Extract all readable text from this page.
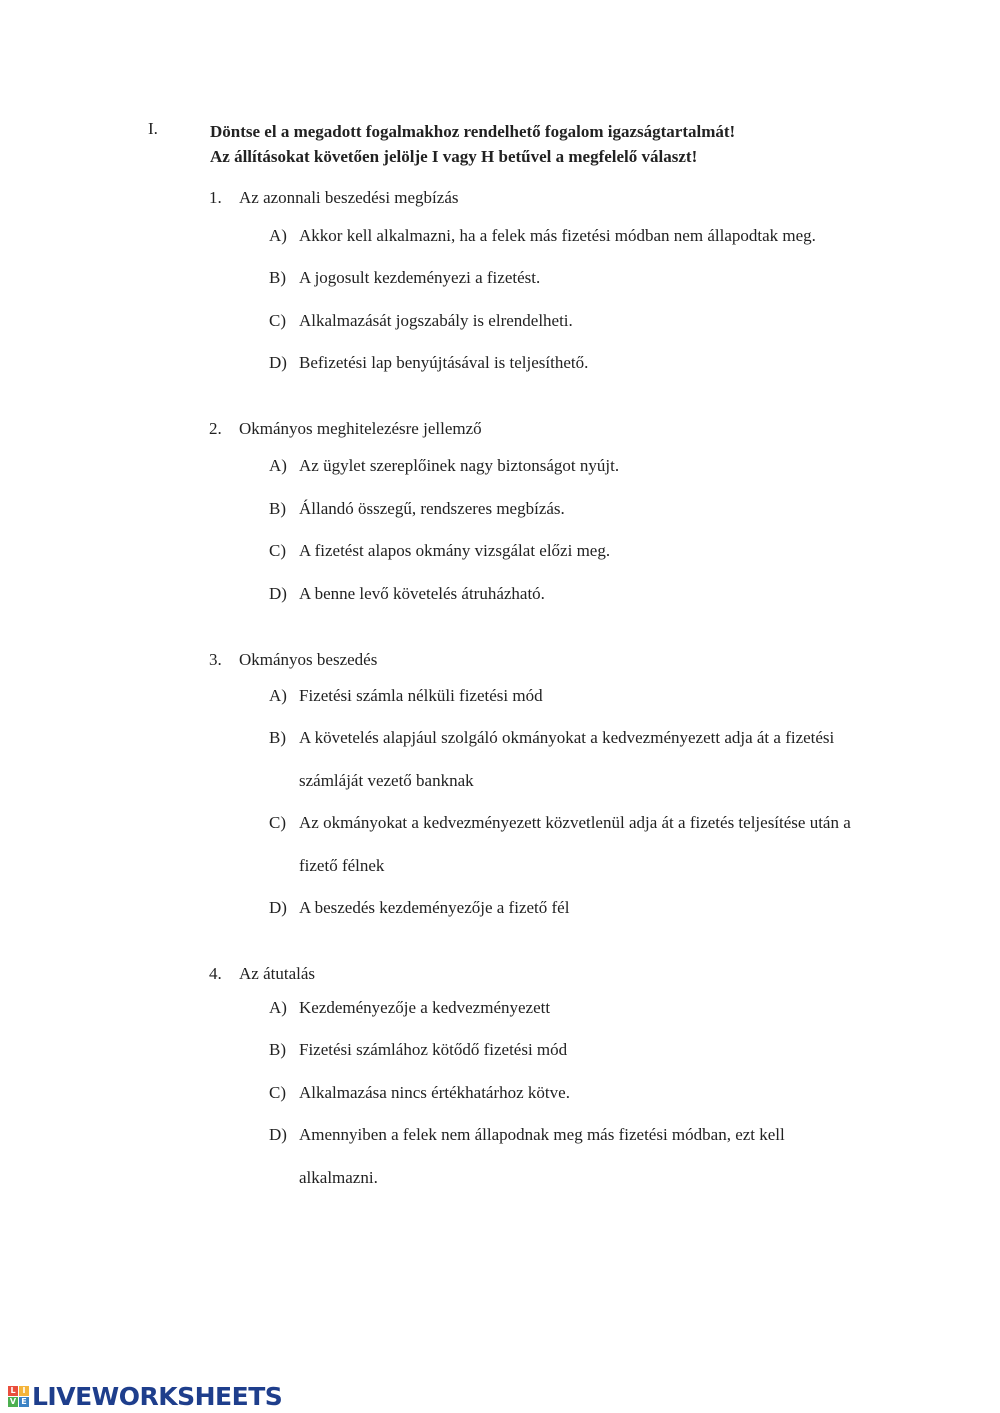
I.	Döntse el a megadott fogalmakhoz rendelhető fogalom igazságtartalmát!
Az állításokat követően jelölje I vagy H betűvel a megfelelő választ!
1. Az azonnali beszedési megbízás
A) Akkor kell alkalmazni, ha a felek más fizetési módban nem állapodtak meg.
B) A jogosult kezdeményezi a fizetést.
C) Alkalmazását jogszabály is elrendelheti.
D) Befizetési lap benyújtásával is teljesíthető.
2. Okmányos meghitelezésre jellemző
A) Az ügylet szereplőinek nagy biztonságot nyújt.
B) Állandó összegű, rendszeres megbízás.
C) A fizetést alapos okmány vizsgálat előzi meg.
D) A benne levő követelés átruházható.
3. Okmányos beszedés
A) Fizetési számla nélküli fizetési mód
B) A követelés alapjául szolgáló okmányokat a kedvezményezett adja át a fizetési számláját vezető banknak
C) Az okmányokat a kedvezményezett közvetlenül adja át a fizetés teljesítése után a fizető félnek
D) A beszedés kezdeményezője a fizető fél
4. Az átutalás
A) Kezdeményezője a kedvezményezett
B) Fizetési számlához kötődő fizetési mód
C) Alkalmazása nincs értékhatárhoz kötve.
D) Amennyiben a felek nem állapodnak meg más fizetési módban, ezt kell alkalmazni.
L I
V E LIVEWORKSHEETS
